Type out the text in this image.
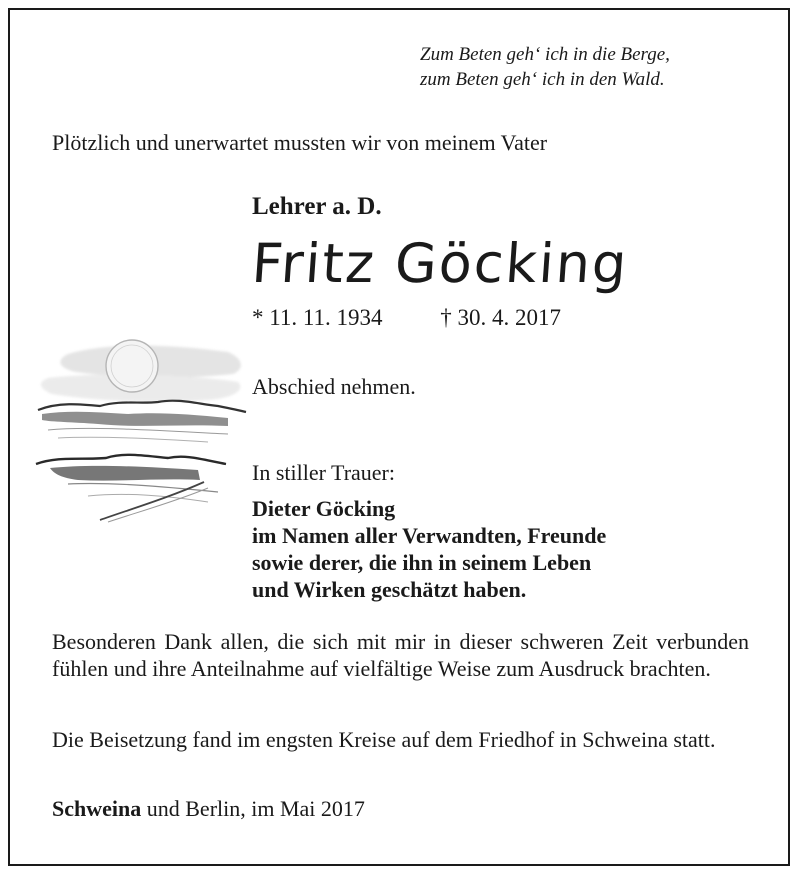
Zum Beten geh‘ ich in die Berge,
zum Beten geh‘ ich in den Wald.
Plötzlich und unerwartet mussten wir von meinem Vater
Lehrer a. D.
Fritz Göcking
* 11. 11. 1934	† 30. 4. 2017
Abschied nehmen.
In stiller Trauer:
Dieter Göcking
im Namen aller Verwandten, Freunde
sowie derer, die ihn in seinem Leben
und Wirken geschätzt haben.
Besonderen Dank allen, die sich mit mir in dieser schweren Zeit verbunden fühlen und ihre Anteilnahme auf vielfältige Weise zum Ausdruck brachten.
Die Beisetzung fand im engsten Kreise auf dem Friedhof in Schweina statt.
Schweina und Berlin, im Mai 2017
